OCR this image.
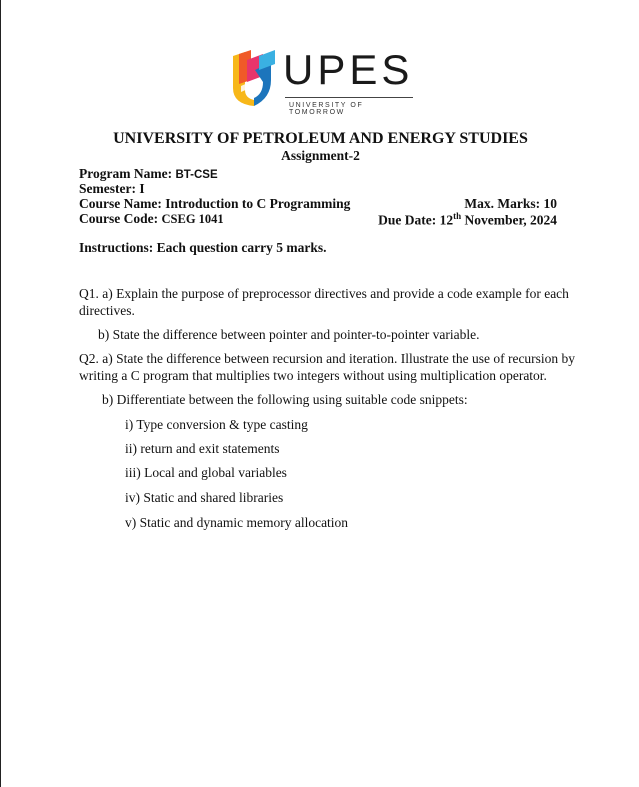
UPES
UNIVERSITY OF TOMORROW
UNIVERSITY OF PETROLEUM AND ENERGY STUDIES
Assignment-2
Program Name: BT-CSE
Semester: I
Course Name: Introduction to C Programming	Max. Marks: 10
Course Code: CSEG 1041	Due Date: 12th November, 2024
Instructions: Each question carry 5 marks.
Q1. a) Explain the purpose of preprocessor directives and provide a code example for each
directives.
b) State the difference between pointer and pointer-to-pointer variable.
Q2. a) State the difference between recursion and iteration. Illustrate the use of recursion by
writing a C program that multiplies two integers without using multiplication operator.
b) Differentiate between the following using suitable code snippets:
i) Type conversion & type casting
ii) return and exit statements
iii) Local and global variables
iv) Static and shared libraries
v) Static and dynamic memory allocation
